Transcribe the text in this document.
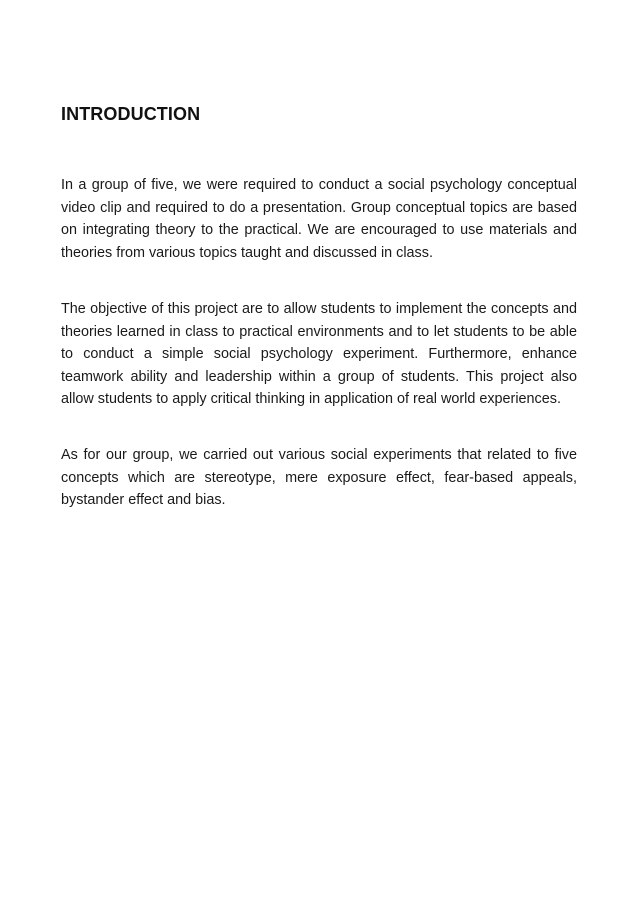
INTRODUCTION

In a group of five, we were required to conduct a social psychology conceptual video clip and required to do a presentation. Group conceptual topics are based on integrating theory to the practical. We are encouraged to use materials and theories from various topics taught and discussed in class.

The objective of this project are to allow students to implement the concepts and theories learned in class to practical environments and to let students to be able to conduct a simple social psychology experiment. Furthermore, enhance teamwork ability and leadership within a group of students. This project also allow students to apply critical thinking in application of real world experiences.

As for our group, we carried out various social experiments that related to five concepts which are stereotype, mere exposure effect, fear-based appeals, bystander effect and bias.
